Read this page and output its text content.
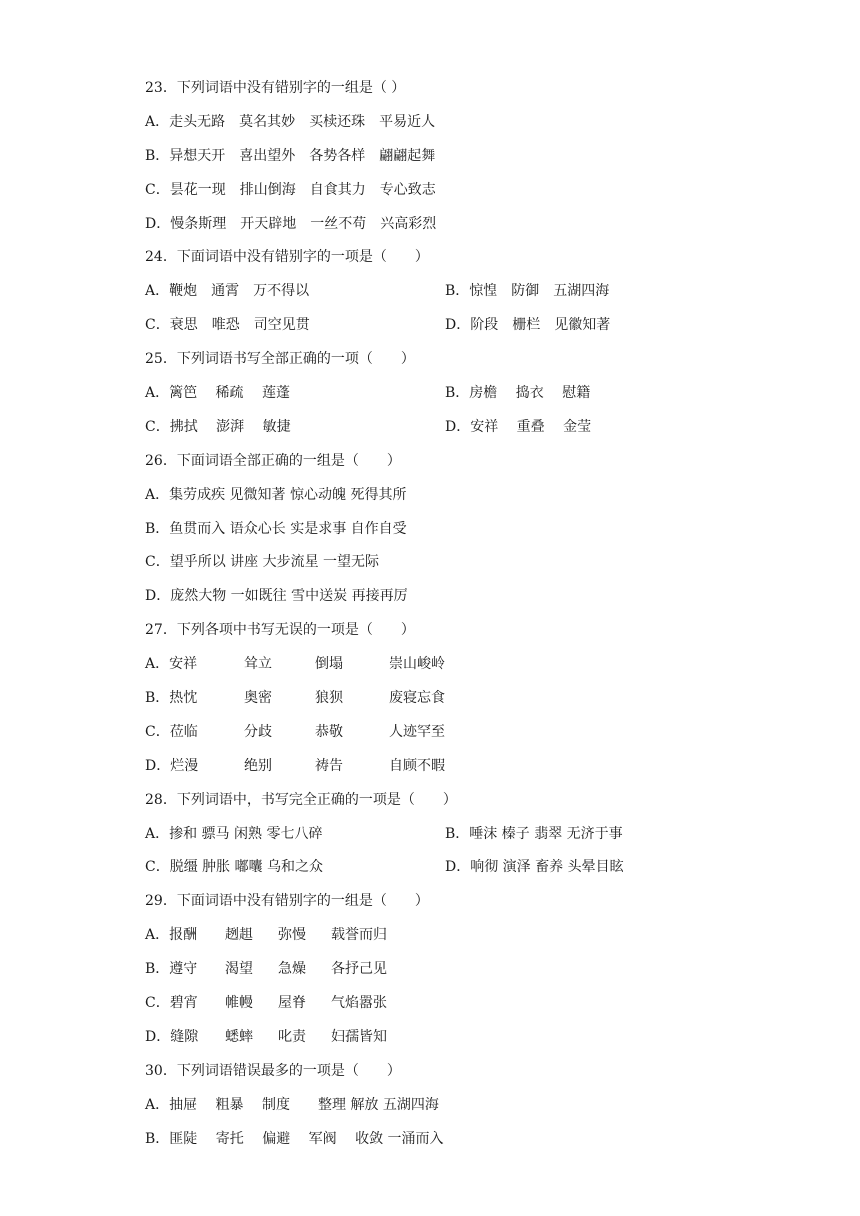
23．下列词语中没有错别字的一组是（ ）
A．走头无路　莫名其妙　买椟还珠　平易近人
B．异想天开　喜出望外　各势各样　翩翩起舞
C．昙花一现　排山倒海　自食其力　专心致志
D．慢条斯理　开天辟地　一丝不苟　兴高彩烈
24．下面词语中没有错别字的一项是（　　）
A．鞭炮　通霄　万不得以	B．惊惶　防御　五湖四海
C．衰思　唯恐　司空见贯	D．阶段　栅栏　见徽知著
25．下列词语书写全部正确的一项（　　）
A．篱笆　 稀疏　 莲蓬	B．房檐　 捣衣　 慰籍
C．拂拭　 澎湃　 敏捷	D．安祥　 重叠　 金莹
26．下面词语全部正确的一组是（　　）
A．集劳成疾 见微知著 惊心动魄 死得其所
B．鱼贯而入 语众心长 实是求事 自作自受
C．望乎所以 讲座 大步流星 一望无际
D．庞然大物 一如既往 雪中送炭 再接再厉
27．下列各项中书写无误的一项是（　　）
A．安祥	耸立	倒塌	崇山峻岭
B．热忱	奥密	狼狈	废寝忘食
C．莅临	分歧	恭敬	人迹罕至
D．烂漫	绝别	祷告	自顾不暇
28．下列词语中，书写完全正确的一项是（　　）
A．掺和 骠马 闲熟 零七八碎	B．唾沫 榛子 翡翠 无济于事
C．脱缰 肿胀 嘟囔 乌和之众	D．响彻 演泽 畜养 头晕目眩
29．下面词语中没有错别字的一组是（　　）
A．报酬 趔趄 弥慢 载誉而归
B．遵守 渴望 急燥 各抒己见
C．碧宵 帷幔 屋脊 气焰嚣张
D．缝隙 蟋蟀 叱责 妇孺皆知
30．下列词语错误最多的一项是（　　）
A．抽屉　 粗暴　 制度　　整理 解放 五湖四海
B．匪陡　 寄托　 偏避　 军阀　 收敛 一涌而入
